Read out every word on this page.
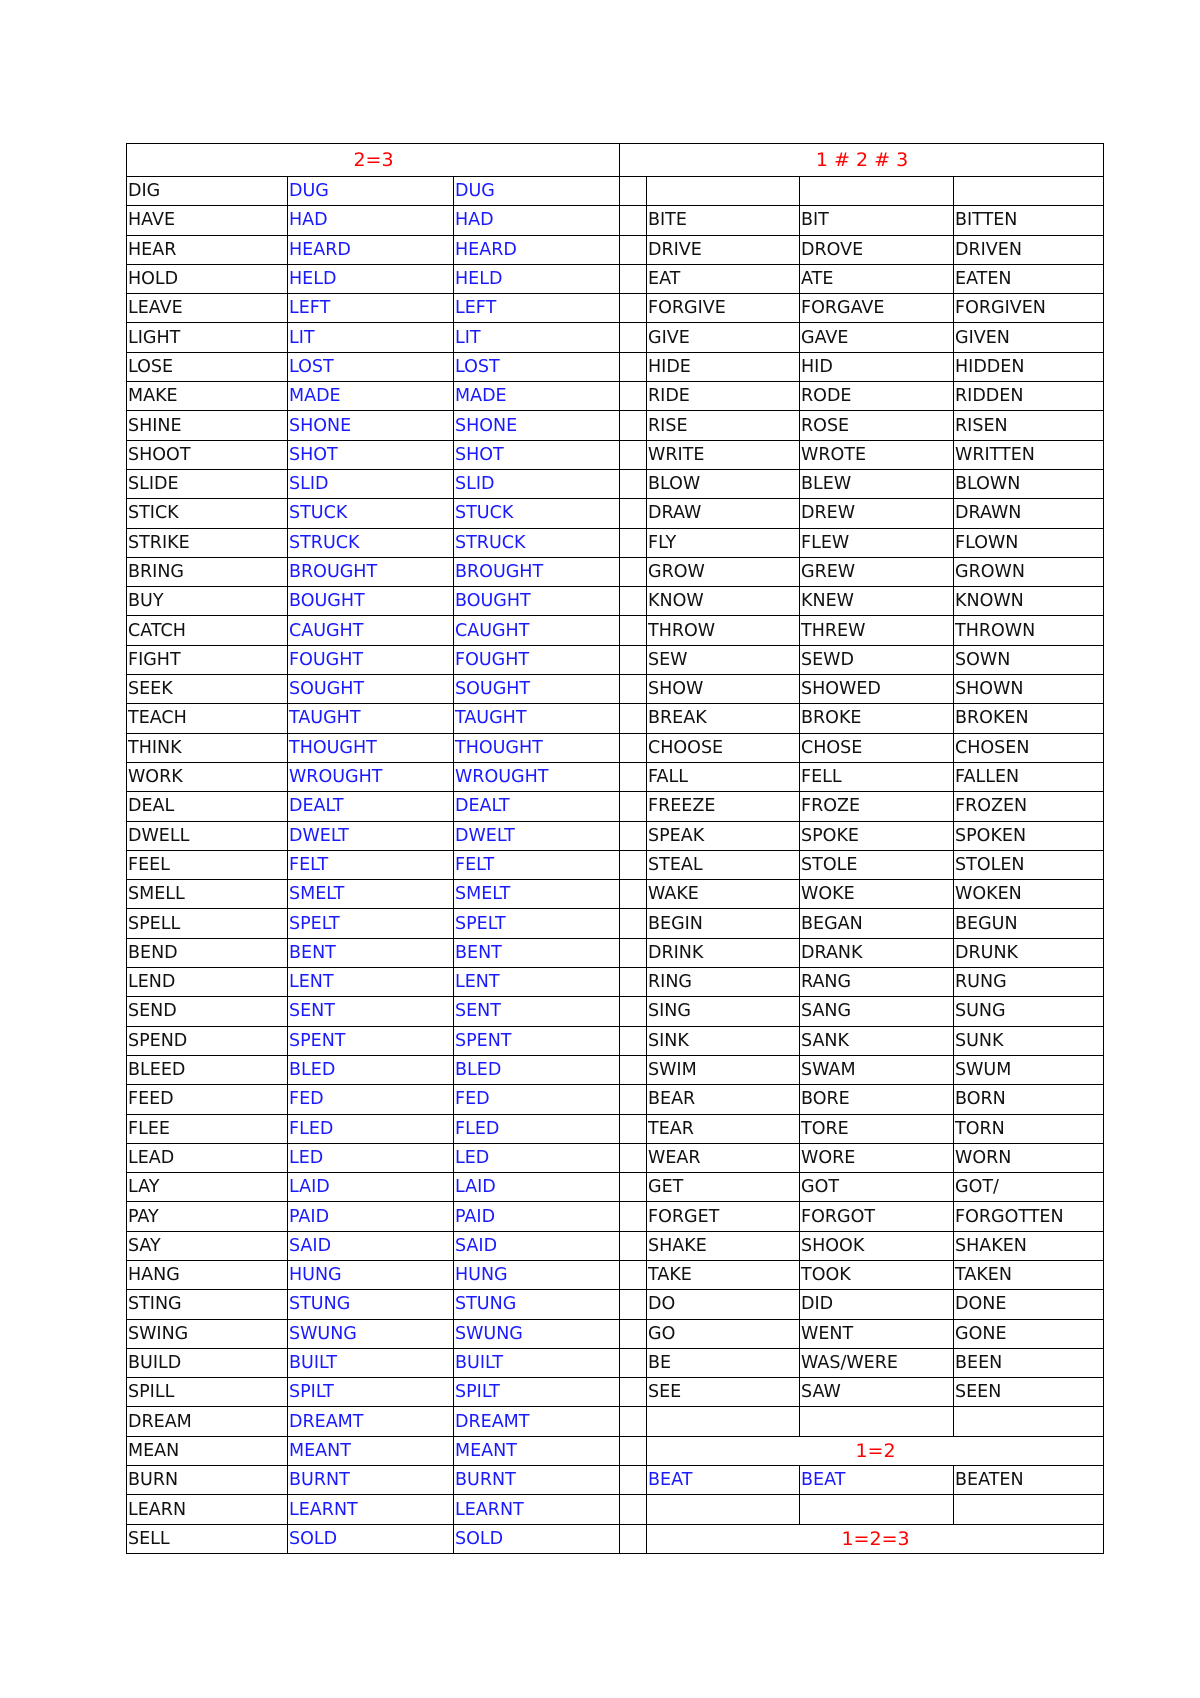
2=3			1 # 2 # 3			
DIG	DUG	DUG				
HAVE	HAD	HAD		BITE	BIT	BITTEN
HEAR	HEARD	HEARD		DRIVE	DROVE	DRIVEN
HOLD	HELD	HELD		EAT	ATE	EATEN
LEAVE	LEFT	LEFT		FORGIVE	FORGAVE	FORGIVEN
LIGHT	LIT	LIT		GIVE	GAVE	GIVEN
LOSE	LOST	LOST		HIDE	HID	HIDDEN
MAKE	MADE	MADE		RIDE	RODE	RIDDEN
SHINE	SHONE	SHONE		RISE	ROSE	RISEN
SHOOT	SHOT	SHOT		WRITE	WROTE	WRITTEN
SLIDE	SLID	SLID		BLOW	BLEW	BLOWN
STICK	STUCK	STUCK		DRAW	DREW	DRAWN
STRIKE	STRUCK	STRUCK		FLY	FLEW	FLOWN
BRING	BROUGHT	BROUGHT		GROW	GREW	GROWN
BUY	BOUGHT	BOUGHT		KNOW	KNEW	KNOWN
CATCH	CAUGHT	CAUGHT		THROW	THREW	THROWN
FIGHT	FOUGHT	FOUGHT		SEW	SEWD	SOWN
SEEK	SOUGHT	SOUGHT		SHOW	SHOWED	SHOWN
TEACH	TAUGHT	TAUGHT		BREAK	BROKE	BROKEN
THINK	THOUGHT	THOUGHT		CHOOSE	CHOSE	CHOSEN
WORK	WROUGHT	WROUGHT		FALL	FELL	FALLEN
DEAL	DEALT	DEALT		FREEZE	FROZE	FROZEN
DWELL	DWELT	DWELT		SPEAK	SPOKE	SPOKEN
FEEL	FELT	FELT		STEAL	STOLE	STOLEN
SMELL	SMELT	SMELT		WAKE	WOKE	WOKEN
SPELL	SPELT	SPELT		BEGIN	BEGAN	BEGUN
BEND	BENT	BENT		DRINK	DRANK	DRUNK
LEND	LENT	LENT		RING	RANG	RUNG
SEND	SENT	SENT		SING	SANG	SUNG
SPEND	SPENT	SPENT		SINK	SANK	SUNK
BLEED	BLED	BLED		SWIM	SWAM	SWUM
FEED	FED	FED		BEAR	BORE	BORN
FLEE	FLED	FLED		TEAR	TORE	TORN
LEAD	LED	LED		WEAR	WORE	WORN
LAY	LAID	LAID		GET	GOT	GOT/
PAY	PAID	PAID		FORGET	FORGOT	FORGOTTEN
SAY	SAID	SAID		SHAKE	SHOOK	SHAKEN
HANG	HUNG	HUNG		TAKE	TOOK	TAKEN
STING	STUNG	STUNG		DO	DID	DONE
SWING	SWUNG	SWUNG		GO	WENT	GONE
BUILD	BUILT	BUILT		BE	WAS/WERE	BEEN
SPILL	SPILT	SPILT		SEE	SAW	SEEN
DREAM	DREAMT	DREAMT				
MEAN	MEANT	MEANT		1=2		
BURN	BURNT	BURNT		BEAT	BEAT	BEATEN
LEARN	LEARNT	LEARNT				
SELL	SOLD	SOLD		1=2=3		
